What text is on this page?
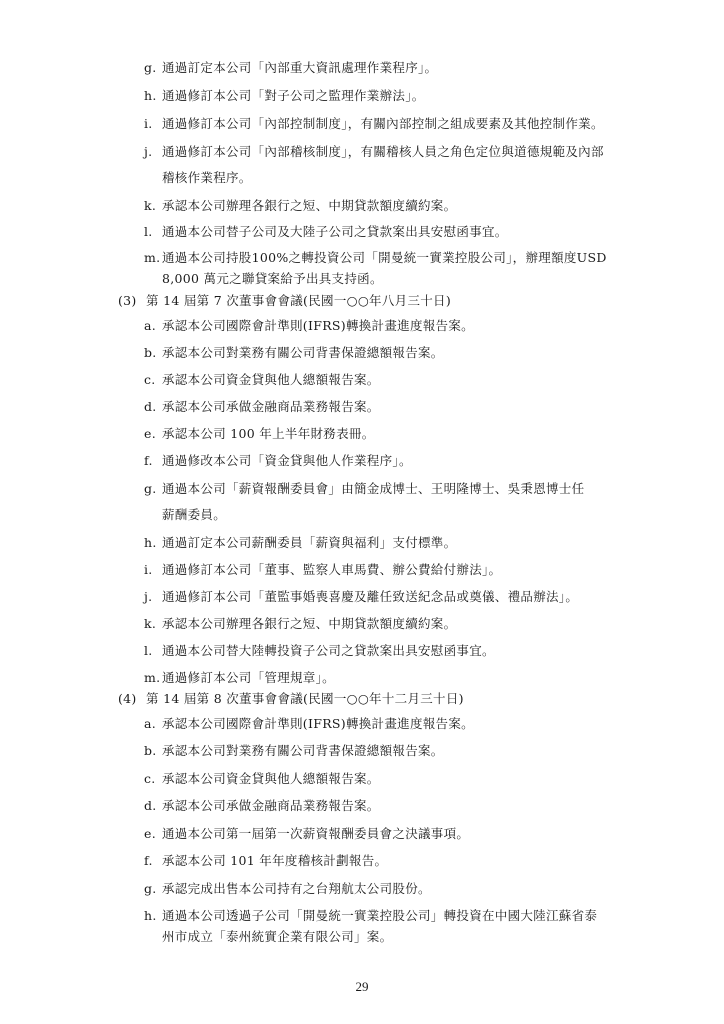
g. 通過訂定本公司「內部重大資訊處理作業程序」。
h. 通過修訂本公司「對子公司之監理作業辦法」。
i. 通過修訂本公司「內部控制制度」，有關內部控制之組成要素及其他控制作業。
j. 通過修訂本公司「內部稽核制度」，有關稽核人員之角色定位與道德規範及內部
稽核作業程序。
k. 承認本公司辦理各銀行之短、中期貸款額度續約案。
l. 通過本公司替子公司及大陸子公司之貸款案出具安慰函事宜。
m. 通過本公司持股100%之轉投資公司「開曼統一實業控股公司」，辦理額度USD
8,000 萬元之聯貸案給予出具支持函。
(3) 第 14 屆第 7 次董事會會議(民國一○○年八月三十日)
a. 承認本公司國際會計準則(IFRS)轉換計畫進度報告案。
b. 承認本公司對業務有關公司背書保證總額報告案。
c. 承認本公司資金貸與他人總額報告案。
d. 承認本公司承做金融商品業務報告案。
e. 承認本公司 100 年上半年財務表冊。
f. 通過修改本公司「資金貸與他人作業程序」。
g. 通過本公司「薪資報酬委員會」由簡金成博士、王明隆博士、吳秉恩博士任
薪酬委員。
h. 通過訂定本公司薪酬委員「薪資與福利」支付標準。
i. 通過修訂本公司「董事、監察人車馬費、辦公費給付辦法」。
j. 通過修訂本公司「董監事婚喪喜慶及離任致送紀念品或奠儀、禮品辦法」。
k. 承認本公司辦理各銀行之短、中期貸款額度續約案。
l. 通過本公司替大陸轉投資子公司之貸款案出具安慰函事宜。
m. 通過修訂本公司「管理規章」。
(4) 第 14 屆第 8 次董事會會議(民國一○○年十二月三十日)
a. 承認本公司國際會計準則(IFRS)轉換計畫進度報告案。
b. 承認本公司對業務有關公司背書保證總額報告案。
c. 承認本公司資金貸與他人總額報告案。
d. 承認本公司承做金融商品業務報告案。
e. 通過本公司第一屆第一次薪資報酬委員會之決議事項。
f. 承認本公司 101 年年度稽核計劃報告。
g. 承認完成出售本公司持有之台翔航太公司股份。
h. 通過本公司透過子公司「開曼統一實業控股公司」轉投資在中國大陸江蘇省泰
州市成立「泰州統實企業有限公司」案。
29
